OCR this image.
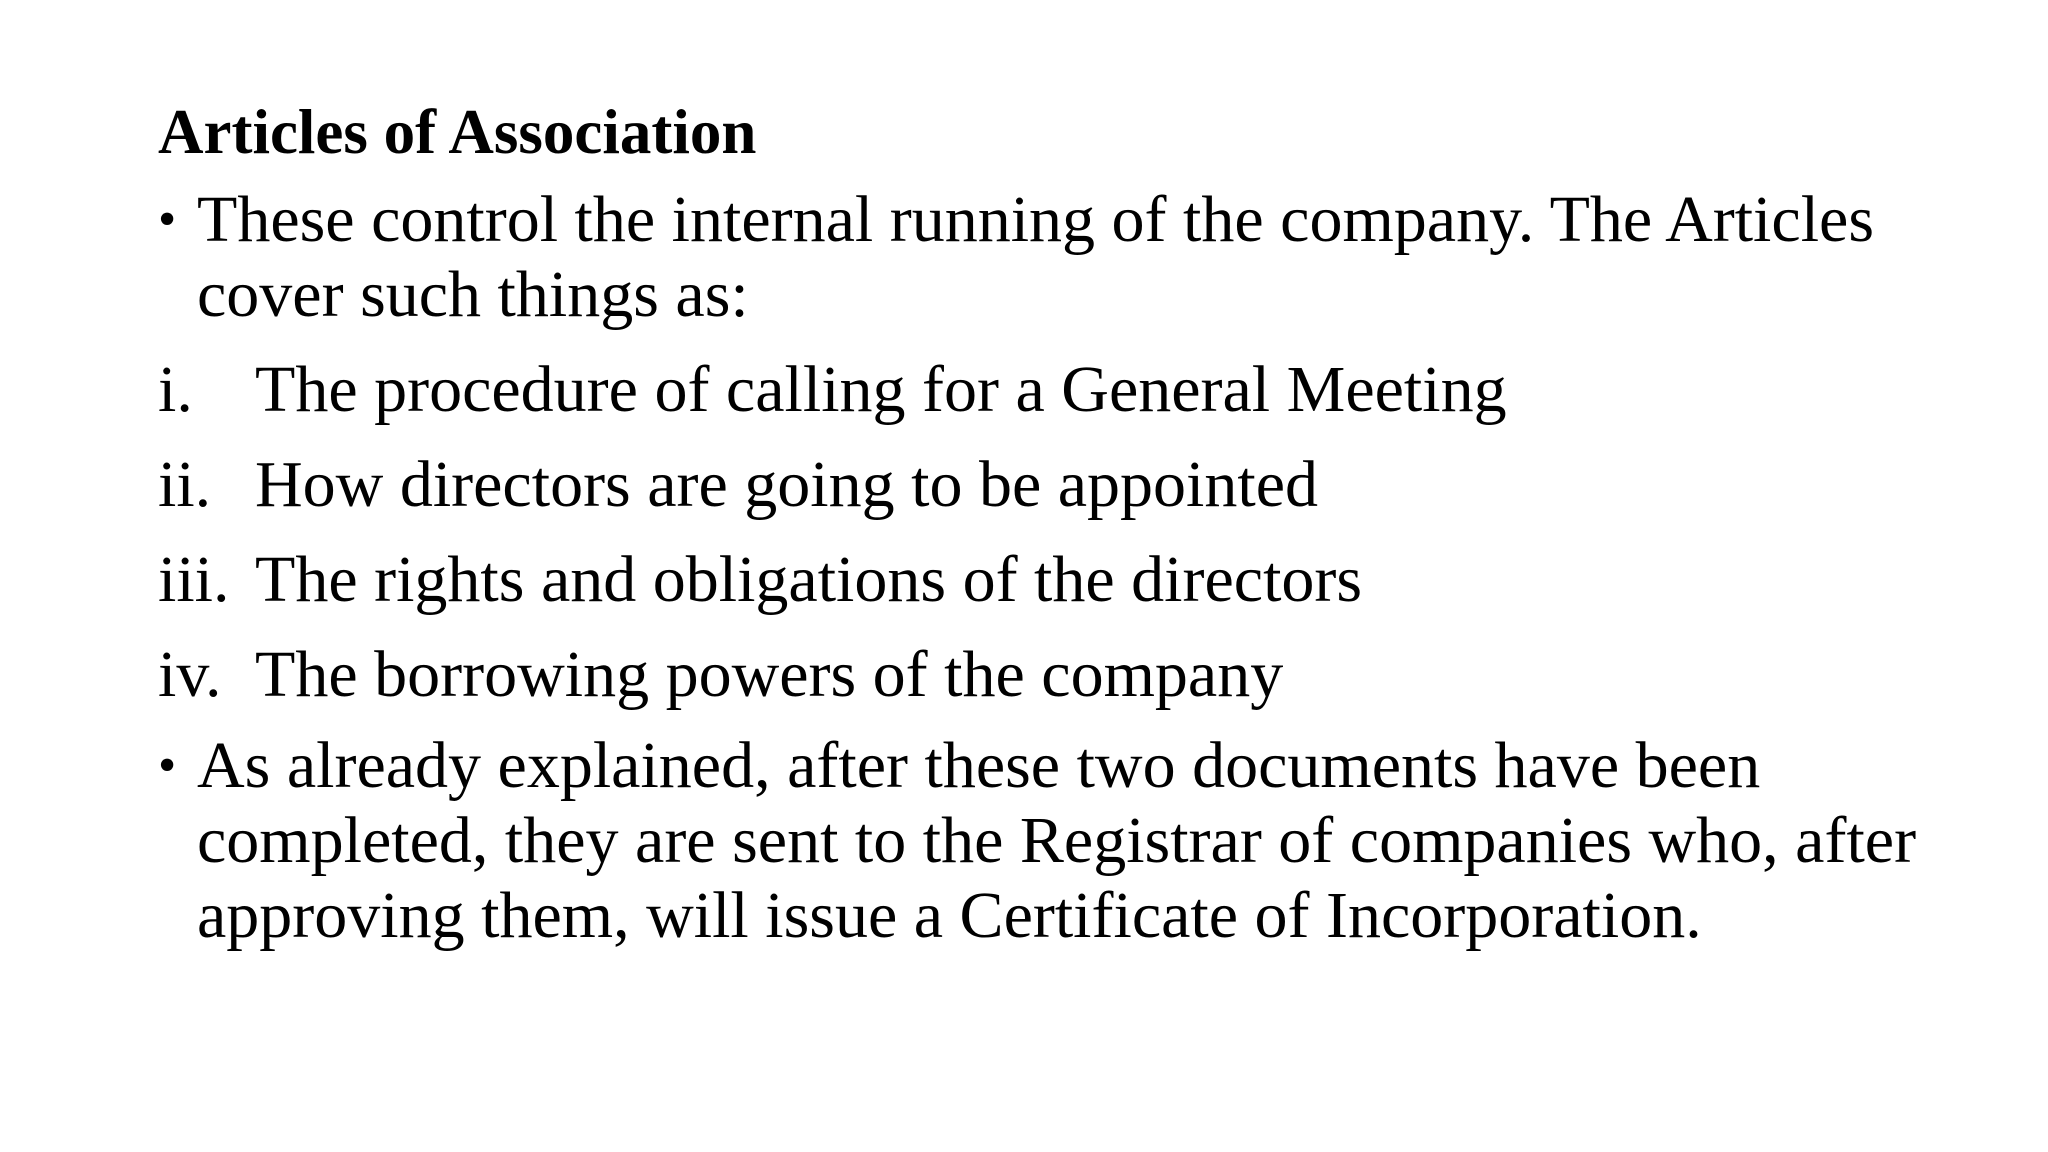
Articles of Association
• These control the internal running of the company. The Articles cover such things as:
i. The procedure of calling for a General Meeting
ii. How directors are going to be appointed
iii. The rights and obligations of the directors
iv. The borrowing powers of the company
• As already explained, after these two documents have been completed, they are sent to the Registrar of companies who, after approving them, will issue a Certificate of Incorporation.
